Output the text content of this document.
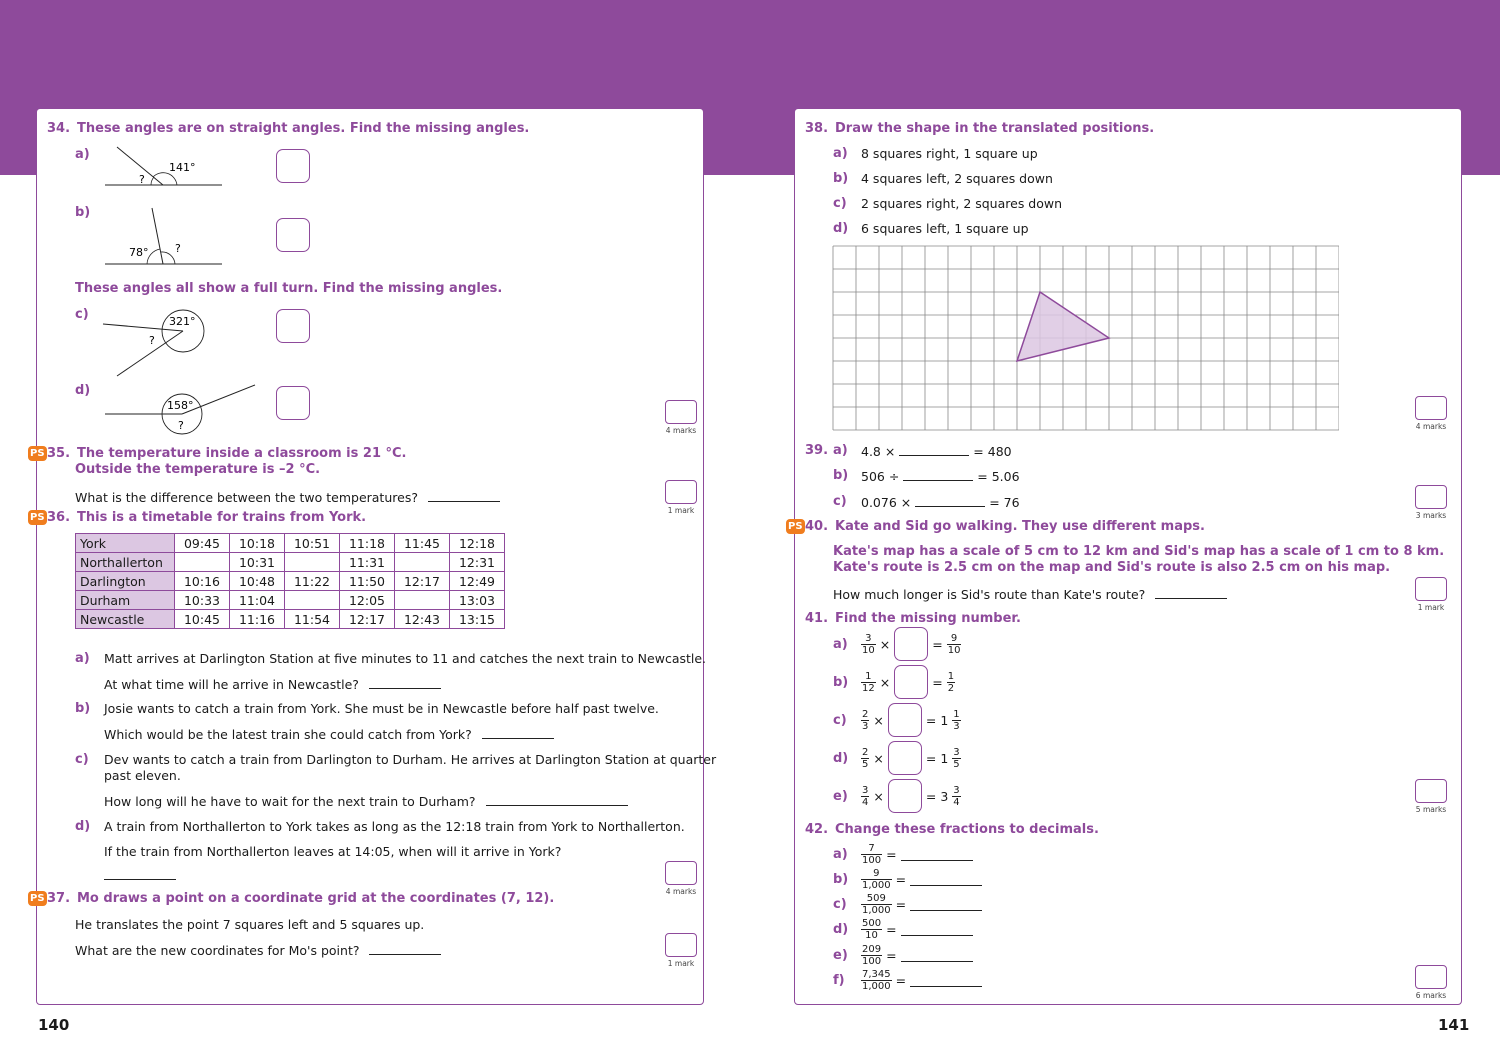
34. These angles are on straight angles. Find the missing angles.
a)
141°
?
b)
78° ?
These angles all show a full turn. Find the missing angles.
c)	321°
?
d)
158°
?	4 marks
PS 35. The temperature inside a classroom is 21 °C.
Outside the temperature is –2 °C.
What is the difference between the two temperatures?
1 mark
PS 36. This is a timetable for trains from York.
York	09:45	10:18	10:51	11:18	11:45	12:18
Northallerton		10:31		11:31		12:31
Darlington	10:16	10:48	11:22	11:50	12:17	12:49
Durham	10:33	11:04		12:05		13:03
Newcastle	10:45	11:16	11:54	12:17	12:43	13:15
a) Matt arrives at Darlington Station at five minutes to 11 and catches the next train to Newcastle.
At what time will he arrive in Newcastle?
b) Josie wants to catch a train from York. She must be in Newcastle before half past twelve.
Which would be the latest train she could catch from York?
c) Dev wants to catch a train from Darlington to Durham. He arrives at Darlington Station at quarter
past eleven.
How long will he have to wait for the next train to Durham?
d) A train from Northallerton to York takes as long as the 12:18 train from York to Northallerton.
If the train from Northallerton leaves at 14:05, when will it arrive in York?
4 marks
PS 37. Mo draws a point on a coordinate grid at the coordinates (7, 12).
He translates the point 7 squares left and 5 squares up.
What are the new coordinates for Mo's point?
1 mark
38. Draw the shape in the translated positions.
a) 8 squares right, 1 square up
b) 4 squares left, 2 squares down
c) 2 squares right, 2 squares down
d) 6 squares left, 1 square up
4 marks
39. a) 4.8 ×	= 480
b) 506 ÷	= 5.06
c) 0.076 ×	= 76
3 marks
PS 40. Kate and Sid go walking. They use different maps.
Kate's map has a scale of 5 cm to 12 km and Sid's map has a scale of 1 cm to 8 km.
Kate's route is 2.5 cm on the map and Sid's route is also 2.5 cm on his map.
How much longer is Sid's route than Kate's route?
1 mark
41. Find the missing number.
$a) \frac{3}{10}$ ×	= $\frac{9}{10}$
$b) \frac{1}{12}$ ×	= $\frac{1}{2}$
$c) \frac{2}{3}$ ×	= $1 \frac{1}{3}$
$d) \frac{2}{5}$ ×	= $1 \frac{3}{5}$
$e) \frac{3}{4}$ ×	= $3 \frac{3}{4}$
5 marks
42. Change these fractions to decimals.
$a) \frac{7}{100}$ =
$b) \frac{9}{1,000}$ =
$c) \frac{509}{1,000}$ =
$d) \frac{500}{10}$ =
$e) \frac{209}{100}$ =
$f) \frac{7,345}{1,000}$ =
6 marks
140	141
